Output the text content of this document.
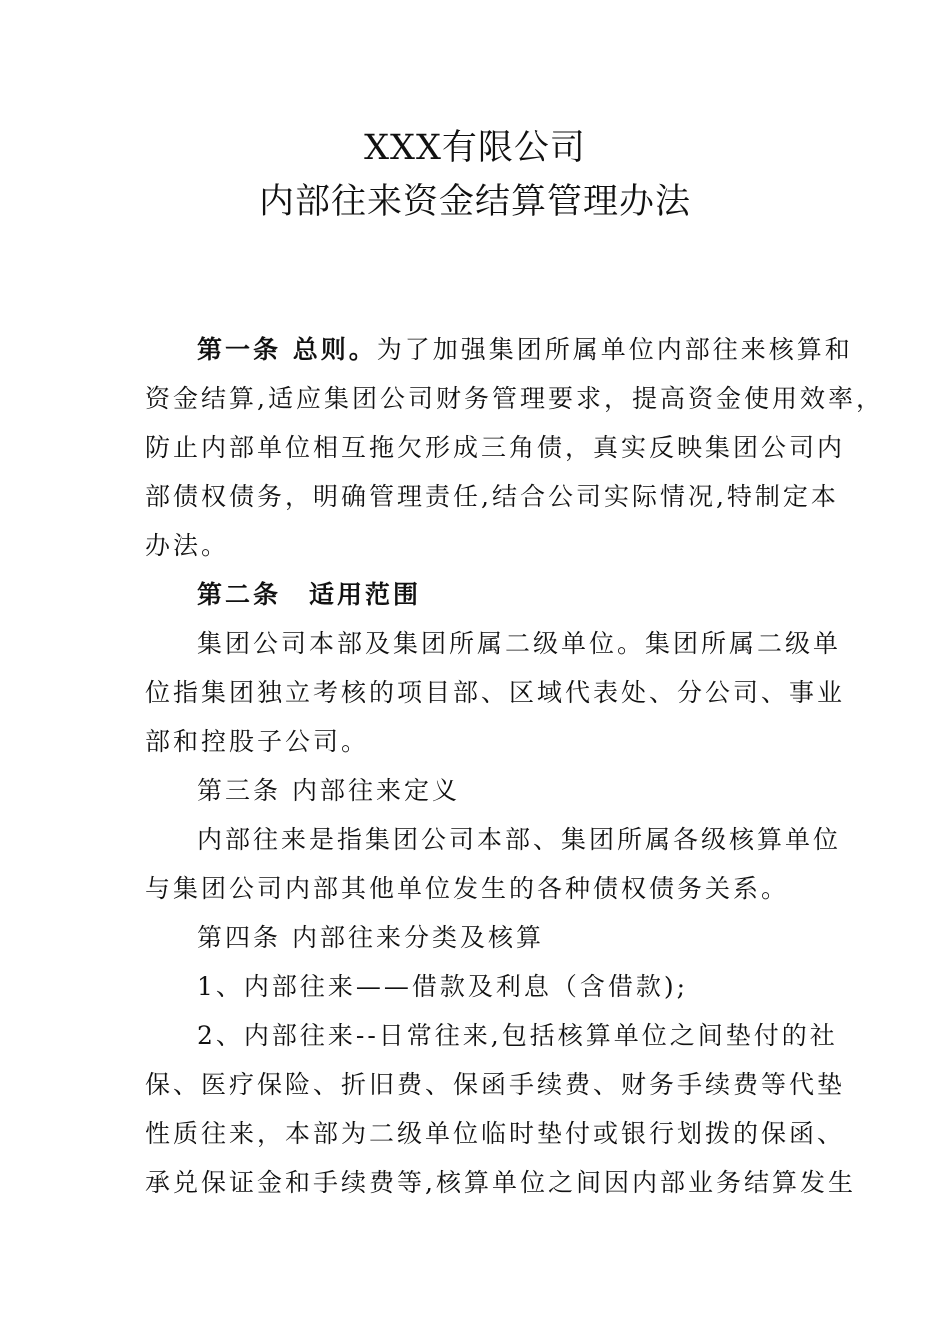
XXX有限公司
内部往来资金结算管理办法

第一条 总则。为了加强集团所属单位内部往来核算和

资金结算,适应集团公司财务管理要求，提高资金使用效率，

防止内部单位相互拖欠形成三角债，真实反映集团公司内

部债权债务，明确管理责任,结合公司实际情况,特制定本

办法。

第二条　适用范围

集团公司本部及集团所属二级单位。集团所属二级单

位指集团独立考核的项目部、区域代表处、分公司、事业

部和控股子公司。

第三条 内部往来定义

内部往来是指集团公司本部、集团所属各级核算单位

与集团公司内部其他单位发生的各种债权债务关系。

第四条 内部往来分类及核算

1、内部往来——借款及利息（含借款);

2、内部往来--日常往来,包括核算单位之间垫付的社

保、医疗保险、折旧费、保函手续费、财务手续费等代垫

性质往来，本部为二级单位临时垫付或银行划拨的保函、

承兑保证金和手续费等,核算单位之间因内部业务结算发生
